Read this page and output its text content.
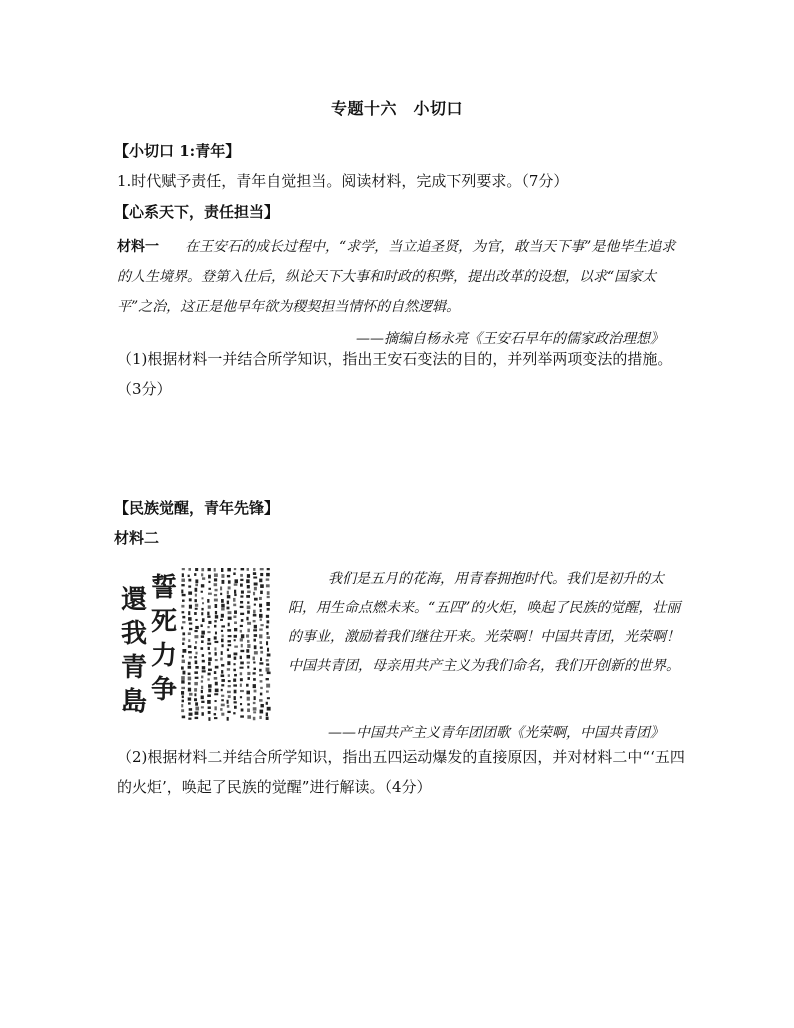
专题十六　小切口
【小切口 1:青年】
1.时代赋予责任，青年自觉担当。阅读材料，完成下列要求。（7分）
【心系天下，责任担当】
材料一 在王安石的成长过程中，“求学，当立追圣贤，为官，敢当天下事”是他毕生追求的人生境界。登第入仕后，纵论天下大事和时政的积弊，提出改革的设想，以求“国家太平”之治，这正是他早年欲为稷契担当情怀的自然逻辑。
——摘编自杨永亮《王安石早年的儒家政治理想》
（1)根据材料一并结合所学知识，指出王安石变法的目的，并列举两项变法的措施。（3分）
【民族觉醒，青年先锋】
材料二
誓
死
力
争
還
我
青
島
我们是五月的花海，用青春拥抱时代。我们是初升的太阳，用生命点燃未来。“五四”的火炬，唤起了民族的觉醒，壮丽的事业，激励着我们继往开来。光荣啊！中国共青团，光荣啊！中国共青团，母亲用共产主义为我们命名，我们开创新的世界。
——中国共产主义青年团团歌《光荣啊，中国共青团》
（2)根据材料二并结合所学知识，指出五四运动爆发的直接原因，并对材料二中“‘五四的火炬’，唤起了民族的觉醒”进行解读。（4分）
